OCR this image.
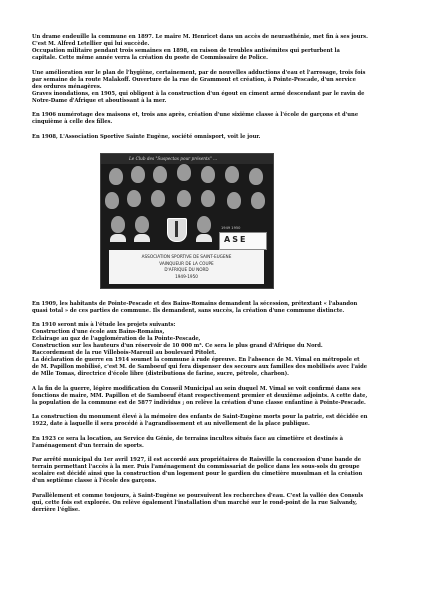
Un drame endeuille la commune en 1897. Le maire M. Henricet dans un accès de neurasthénie, met fin à ses jours.
C'est M. Alfred Letellier qui lui succède.
Occupation militaire pendant trois semaines en 1898, en raison de troubles antisémites qui perturbent la
capitale. Cette même année verra la création du poste de Commissaire de Police.

Une amélioration sur le plan de l'hygiène, certainement, par de nouvelles adductions d'eau et l'arrosage, trois fois
par semaine de la route Malakoff. Ouverture de la rue de Grammont et création, à Pointe-Pescade, d'un service
des ordures ménagères.
Graves inondations, en 1905, qui obligent à la construction d'un égout en ciment armé descendant par le ravin de
Notre-Dame d'Afrique et aboutissant à la mer.

En 1906 numérotage des maisons et, trois ans après, création d'une sixième classe à l'école de garçons et d'une
cinquième à celle des filles.

En 1908, L'Association Sportive Sainte Eugène, société omnisport, voit le jour.

Le Club des "Suspectas pour présents" ...
1949 1950
ASE
ASSOCIATION SPORTIVE DE SAINT-EUGENE
VAINQUEUR DE LA COUPE
D'AFRIQUE DU NORD
1949-1950

En 1909, les habitants de Pointe-Pescade et des Bains-Romains demandent la sécession, prétextant « l'abandon
quasi total » de ces parties de commune. Ils demandent, sans succès, la création d'une commune distincte.

En 1910 seront mis à l'étude les projets suivants:
Construction d'une école aux Bains-Romains,
Eclairage au gaz de l'agglomération de la Pointe-Pescade,
Construction sur les hauteurs d'un réservoir de 10 000 m³. Ce sera le plus grand d'Afrique du Nord.
Raccordement de la rue Villebois-Mareuil au boulevard Pitolet.
La déclaration de guerre en 1914 soumet la commune à rude épreuve. En l'absence de M. Vimal en métropole et
de M. Papillon mobilisé, c'est M. de Samboeuf qui fera dispenser des secours aux familles des mobilisés avec l'aide
de Mlle Tomas, directrice d'école libre (distributions de farine, sucre, pétrole, charbon).

A la fin de la guerre, légère modification du Conseil Municipal au sein duquel M. Vimal se voit confirmé dans ses
fonctions de maire, MM. Papillon et de Samboeuf étant respectivement premier et deuxième adjoints. A cette date,
la population de la commune est de 5877 individus ; on relève la création d'une classe enfantine à Pointe-Pescade.

La construction du monument élevé à la mémoire des enfants de Saint-Eugène morts pour la patrie, est décidée en
1922, date à laquelle il sera procédé à l'agrandissement et au nivellement de la place publique.

En 1923 ce sera la location, au Service du Génie, de terrains incultes situés face au cimetière et destinés à
l'aménagement d'un terrain de sports.

Par arrêté municipal du 1er avril 1927, il est accordé aux propriétaires de Raïsville la concession d'une bande de
terrain permettant l'accès à la mer. Puis l'aménagement du commissariat de police dans les sous-sols du groupe
scolaire est décidé ainsi que la construction d'un logement pour le gardien du cimetière musulman et la création
d'un septième classe à l'école des garçons.

Parallèlement et comme toujours, à Saint-Eugène se poursuivent les recherches d'eau. C'est la vallée des Consuls
qui, cette fois est explorée. On relève également l'installation d'un marché sur le rond-point de la rue Salvandy,
derrière l'église.
